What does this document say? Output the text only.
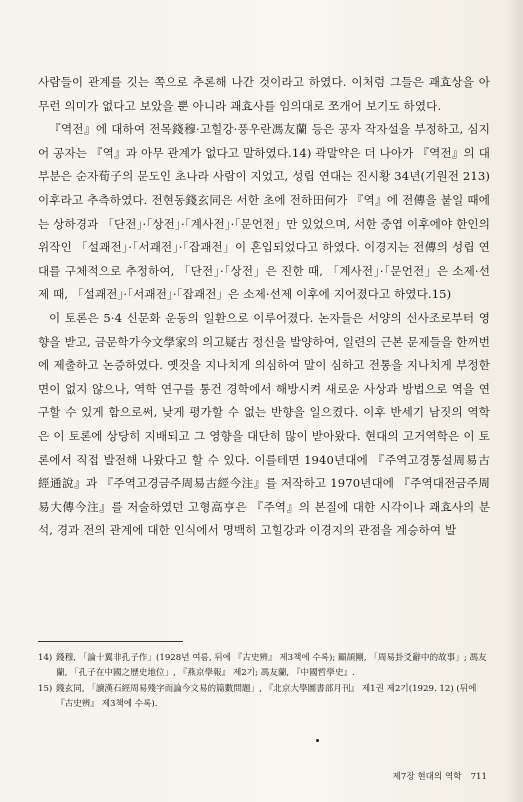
사람들이 관계를 깃는 쪽으로 추론해 나간 것이라고 하였다. 이처럼 그들은 괘효상을 아무런 의미가 없다고 보았을 뿐 아니라 괘효사를 임의대로 쪼개어 보기도 하였다.

『역전』에 대하여 전목錢穆·고힐강·풍우란馮友蘭 등은 공자 작자설을 부정하고, 심지어 공자는 『역』과 아무 관계가 없다고 말하였다.14) 곽말약은 더 나아가 『역전』의 대부분은 순자荀子의 문도인 초나라 사람이 지었고, 성립 연대는 진시황 34년(기원전 213) 이후라고 추측하였다. 전현동錢玄同은 서한 초에 전하田何가 『역』에 전傳을 붙일 때에는 상하경과 「단전」·「상전」·「계사전」·「문언전」만 있었으며, 서한 중엽 이후에야 한인의 위작인 「설괘전」·「서괘전」·「잡괘전」이 혼입되었다고 하였다. 이경지는 전傳의 성립 연대를 구체적으로 추정하여, 「단전」·「상전」은 진한 때, 「계사전」·「문언전」은 소제·선제 때, 「설괘전」·「서괘전」·「잡괘전」은 소제·선제 이후에 지어졌다고 하였다.15)

이 토론은 5·4 신문화 운동의 일환으로 이루어졌다. 논자들은 서양의 신사조로부터 영향을 받고, 금문학가今文學家의 의고疑古 정신을 발양하여, 일련의 근본 문제들을 한꺼번에 제출하고 논증하였다. 옛것을 지나치게 의심하여 말이 심하고 전통을 지나치게 부정한 면이 없지 않으나, 역학 연구를 통건 경학에서 해방시켜 새로운 사상과 방법으로 역을 연구할 수 있게 함으로써, 낮게 평가할 수 없는 반향을 일으켰다. 이후 반세기 남짓의 역학은 이 토론에 상당히 지배되고 그 영향을 대단히 많이 받아왔다. 현대의 고거역학은 이 토론에서 직접 발전해 나왔다고 할 수 있다. 이를테면 1940년대에 『주역고경통설周易古經通說』과 『주역고경금주周易古經今注』를 저작하고 1970년대에 『주역대전금주周易大傳今注』를 저술하였던 고형高亨은 『주역』의 본질에 대한 시각이나 괘효사의 분석, 경과 전의 관계에 대한 인식에서 명백히 고힐강과 이경지의 관점을 계승하여 발

14) 錢穆, 「論十翼非孔子作」(1928년 여름, 뒤에 『古史辨』 제3책에 수록); 顧頡剛, 「周易卦爻辭中的故事」; 馮友蘭, 「孔子在中國之歷史地位」, 『燕京學報』 제2기; 馮友蘭, 『中國哲學史』.

15) 錢玄同, 「讀漢石經周易殘字而論今文易的篇數問題」, 『北京大學圖書部月刊』 제1권 제2기(1929. 12) (뒤에 『古史辨』 제3책에 수록).

제7장 현대의 역학 711
